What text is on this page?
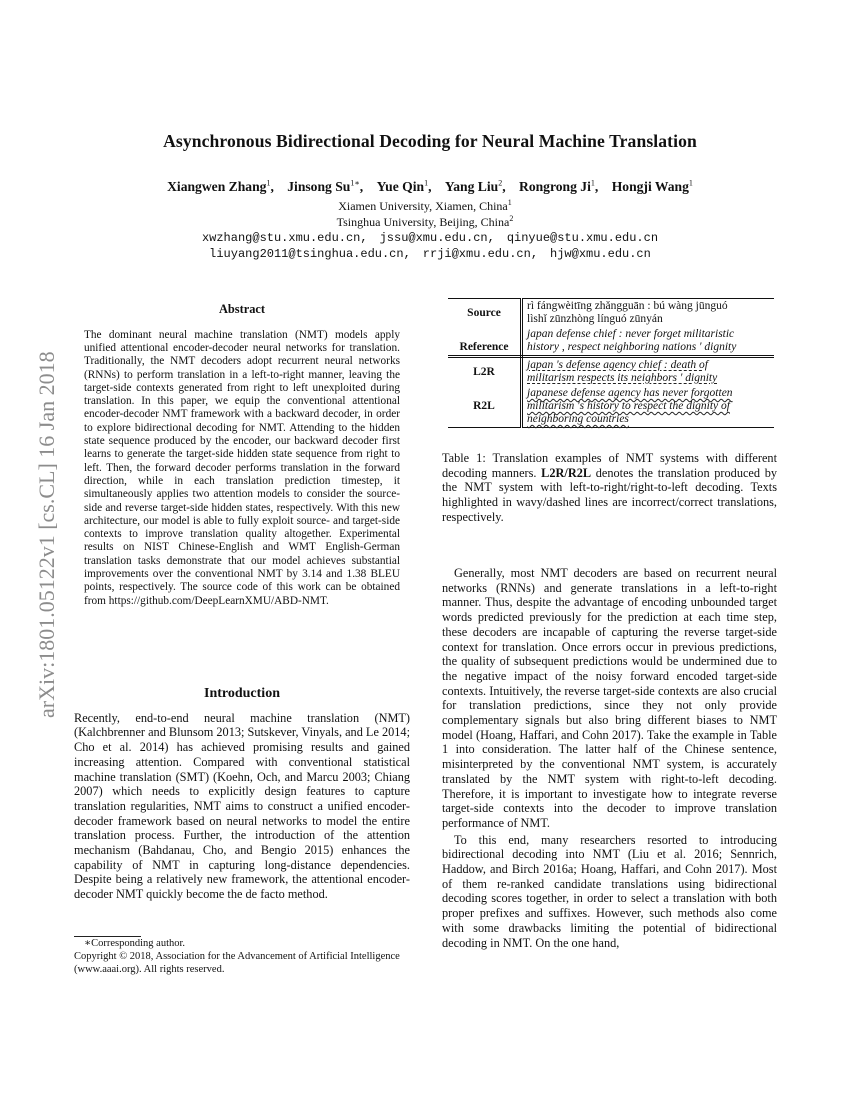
arXiv:1801.05122v1 [cs.CL] 16 Jan 2018
Asynchronous Bidirectional Decoding for Neural Machine Translation
Xiangwen Zhang$^1$, Jinsong $Su^{1∗}$, Yue Qin$^1$, Yang Liu$^2$, Rongrong Ji$^1$, Hongji Wang$^1$
Xiamen University, Xiamen, China$^1$
Tsinghua University, Beijing, China$^2$
xwzhang@stu.xmu.edu.cn, jssu@xmu.edu.cn, qinyue@stu.xmu.edu.cn
liuyang2011@tsinghua.edu.cn, rrji@xmu.edu.cn, hjw@xmu.edu.cn
Abstract

The dominant neural machine translation (NMT) models apply unified attentional encoder-decoder neural networks for translation. Traditionally, the NMT decoders adopt recurrent neural networks (RNNs) to perform translation in a left-to-right manner, leaving the target-side contexts generated from right to left unexploited during translation. In this paper, we equip the conventional attentional encoder-decoder NMT framework with a backward decoder, in order to explore bidirectional decoding for NMT. Attending to the hidden state sequence produced by the encoder, our backward decoder first learns to generate the target-side hidden state sequence from right to left. Then, the forward decoder performs translation in the forward direction, while in each translation prediction timestep, it simultaneously applies two attention models to consider the source-side and reverse target-side hidden states, respectively. With this new architecture, our model is able to fully exploit source- and target-side contexts to improve translation quality altogether. Experimental results on NIST Chinese-English and WMT English-German translation tasks demonstrate that our model achieves substantial improvements over the conventional NMT by 3.14 and 1.38 BLEU points, respectively. The source code of this work can be obtained from https://github.com/DeepLearnXMU/ABD-NMT.

Introduction

Recently, end-to-end neural machine translation (NMT) (Kalchbrenner and Blunsom 2013; Sutskever, Vinyals, and Le 2014; Cho et al. 2014) has achieved promising results and gained increasing attention. Compared with conventional statistical machine translation (SMT) (Koehn, Och, and Marcu 2003; Chiang 2007) which needs to explicitly design features to capture translation regularities, NMT aims to construct a unified encoder-decoder framework based on neural networks to model the entire translation process. Further, the introduction of the attention mechanism (Bahdanau, Cho, and Bengio 2015) enhances the capability of NMT in capturing long-distance dependencies. Despite being a relatively new framework, the attentional encoder-decoder NMT quickly become the de facto method.

∗Corresponding author.
Copyright © 2018, Association for the Advancement of Artificial Intelligence (www.aaai.org). All rights reserved.
Source	rì fángwèitīng zhǎngguān : bú wàng jūnguó
lìshǐ zūnzhòng línguó zūnyán

Reference	japan defense chief : never forget militaristic
history , respect neighboring nations ' dignity

L2R	japan 's defense agency chief : death of
militarism respects its neighbors ' dignity

R2L	japanese defense agency has never forgotten
militarism 's history to respect the dignity of
neighboring countries
Table 1: Translation examples of NMT systems with different decoding manners. L2R/R2L denotes the translation produced by the NMT system with left-to-right/right-to-left decoding. Texts highlighted in wavy/dashed lines are incorrect/correct translations, respectively.

Generally, most NMT decoders are based on recurrent neural networks (RNNs) and generate translations in a left-to-right manner. Thus, despite the advantage of encoding unbounded target words predicted previously for the prediction at each time step, these decoders are incapable of capturing the reverse target-side context for translation. Once errors occur in previous predictions, the quality of subsequent predictions would be undermined due to the negative impact of the noisy forward encoded target-side contexts. Intuitively, the reverse target-side contexts are also crucial for translation predictions, since they not only provide complementary signals but also bring different biases to NMT model (Hoang, Haffari, and Cohn 2017). Take the example in Table 1 into consideration. The latter half of the Chinese sentence, misinterpreted by the conventional NMT system, is accurately translated by the NMT system with right-to-left decoding. Therefore, it is important to investigate how to integrate reverse target-side contexts into the decoder to improve translation performance of NMT.

To this end, many researchers resorted to introducing bidirectional decoding into NMT (Liu et al. 2016; Sennrich, Haddow, and Birch 2016a; Hoang, Haffari, and Cohn 2017). Most of them re-ranked candidate translations using bidirectional decoding scores together, in order to select a translation with both proper prefixes and suffixes. However, such methods also come with some drawbacks limiting the potential of bidirectional decoding in NMT. On the one hand,
